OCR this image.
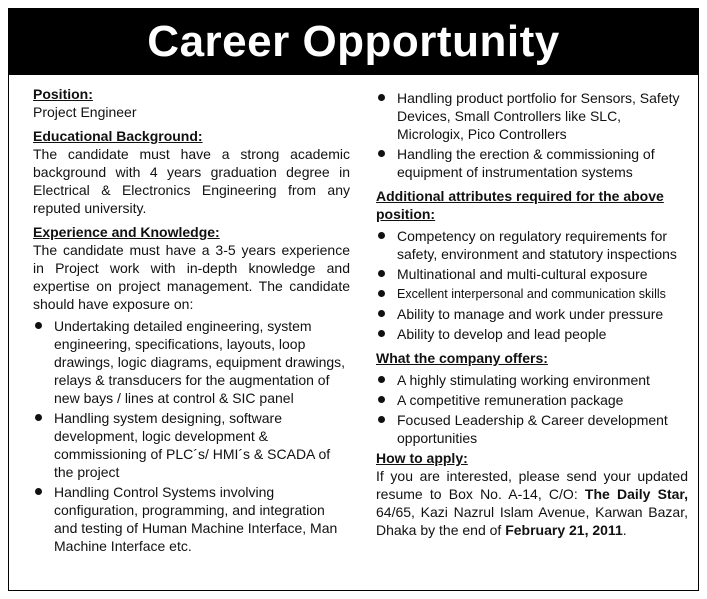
Career Opportunity

Position:

Project Engineer

Educational Background:

The candidate must have a strong academic background with 4 years graduation degree in Electrical & Electronics Engineering from any reputed university.

Experience and Knowledge:

The candidate must have a 3-5 years experience in Project work with in-depth knowledge and expertise on project management. The candidate should have exposure on:

Undertaking detailed engineering, system engineering, specifications, layouts, loop drawings, logic diagrams, equipment drawings, relays & transducers for the augmentation of new bays / lines at control & SIC panel
Handling system designing, software development, logic development & commissioning of PLC´s/ HMI´s & SCADA of the project
Handling Control Systems involving configuration, programming, and integration and testing of Human Machine Interface, Man Machine Interface etc.
Handling product portfolio for Sensors, Safety Devices, Small Controllers like SLC, Micrologix, Pico Controllers
Handling the erection & commissioning of equipment of instrumentation systems

Additional attributes required for the above position:

Competency on regulatory requirements for safety, environment and statutory inspections
Multinational and multi-cultural exposure
Excellent interpersonal and communication skills
Ability to manage and work under pressure
Ability to develop and lead people

What the company offers:

A highly stimulating working environment
A competitive remuneration package
Focused Leadership & Career development opportunities

How to apply:

If you are interested, please send your updated resume to Box No. A-14, C/O: The Daily Star, 64/65, Kazi Nazrul Islam Avenue, Karwan Bazar, Dhaka by the end of February 21, 2011.
